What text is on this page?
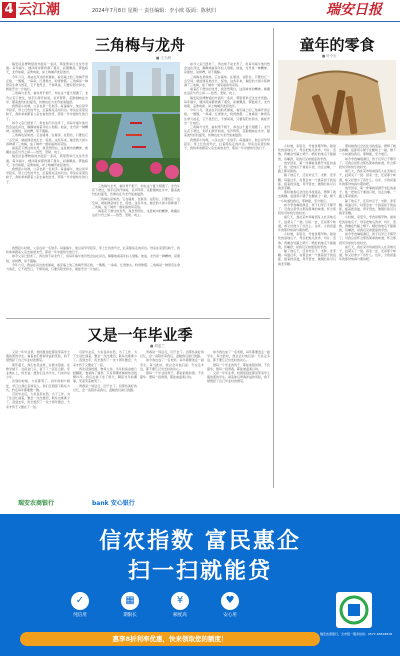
4 云江潮	2024年7月8日 星期一 责任编辑：李小欧 版面：陈秋归	瑞安日报
三角梅与龙舟
■ 王少洲

瑞安民俗博物馆的外面有一条河，那里曾举行过龙舟竞渡。每年端午，塘河两岸都挤满了观众，彩旗飘扬，锣鼓喧天，龙舟如箭，奋勇向前，岸上呐喊声此起彼伏。

今年六月，我站在河边的老屋前，看见墙上的三角梅开得正艳，一簇簇，一串串，红得像火，粉得像霞。三角梅是一种很有生命力的花，它不畏烈日，不惧风雨，只要有阳光和水，就能开出一片灿烂。

三角梅与龙舟，看似毫不相干，却在这个夏天相遇了。龙舟从花下驶过，划手们挥汗如雨，桨声阵阵，花影倒映在水中，随着波纹轻轻摇曳，仿佛也在为龙舟加油鼓劲。

我想起小时候，父亲也是一名划手。每逢端午，他总是早早起床，穿上红色的号衣，扛着船桨走向河边。母亲在家里包粽子，我和弟弟跟着父亲去看划龙舟，那是一年中最快乐的日子。

如今父亲已经老了，再也划不动龙舟了，但每年端午他仍然会站在河边，静静地看着年轻人划船。他说，龙舟是一种精神，是团结，是拼搏，是不服输。

三角梅也是如此。它在墙角、在屋顶、在阳台，只要给它一点空间，就能肆意地生长、绽放。这些年来，瑞安的大街小巷种满了三角梅，成了城市一道亮丽的风景线。

看着花下驶过的龙舟，我忽然明白，这座城市的精神，就藏在这花与舟之间——热烈、坚韧、向上。

瑞安民俗博物馆的外面有一条河，那里曾举行过龙舟竞渡。每年端午，塘河两岸都挤满了观众，彩旗飘扬，锣鼓喧天，龙舟如箭，奋勇向前，岸上呐喊声此起彼伏。

我想起小时候，父亲也是一名划手。每逢端午，他总是早早起床，穿上红色的号衣，扛着船桨走向河边。母亲在家里包粽子，我和弟弟跟着父亲去看划龙舟，那是一年中最快乐的日子。

三角梅与龙舟，看似毫不相干，却在这个夏天相遇了。龙舟从花下驶过，划手们挥汗如雨，桨声阵阵，花影倒映在水中，随着波纹轻轻摇曳，仿佛也在为龙舟加油鼓劲。

三角梅也是如此。它在墙角、在屋顶、在阳台，只要给它一点空间，就能肆意地生长、绽放。这些年来，瑞安的大街小巷种满了三角梅，成了城市一道亮丽的风景线。

看着花下驶过的龙舟，我忽然明白，这座城市的精神，就藏在这花与舟之间——热烈、坚韧、向上。

我想起小时候，父亲也是一名划手。每逢端午，他总是早早起床，穿上红色的号衣，扛着船桨走向河边。母亲在家里包粽子，我和弟弟跟着父亲去看划龙舟，那是一年中最快乐的日子。

如今父亲已经老了，再也划不动龙舟了，但每年端午他仍然会站在河边，静静地看着年轻人划船。他说，龙舟是一种精神，是团结，是拼搏，是不服输。

今年六月，我站在河边的老屋前，看见墙上的三角梅开得正艳，一簇簇，一串串，红得像火，粉得像霞。三角梅是一种很有生命力的花，它不畏烈日，不惧风雨，只要有阳光和水，就能开出一片灿烂。

如今父亲已经老了，再也划不动龙舟了，但每年端午他仍然会站在河边，静静地看着年轻人划船。他说，龙舟是一种精神，是团结，是拼搏，是不服输。

三角梅也是如此。它在墙角、在屋顶、在阳台，只要给它一点空间，就能肆意地生长、绽放。这些年来，瑞安的大街小巷种满了三角梅，成了城市一道亮丽的风景线。

看着花下驶过的龙舟，我忽然明白，这座城市的精神，就藏在这花与舟之间——热烈、坚韧、向上。

瑞安民俗博物馆的外面有一条河，那里曾举行过龙舟竞渡。每年端午，塘河两岸都挤满了观众，彩旗飘扬，锣鼓喧天，龙舟如箭，奋勇向前，岸上呐喊声此起彼伏。

今年六月，我站在河边的老屋前，看见墙上的三角梅开得正艳，一簇簇，一串串，红得像火，粉得像霞。三角梅是一种很有生命力的花，它不畏烈日，不惧风雨，只要有阳光和水，就能开出一片灿烂。

三角梅与龙舟，看似毫不相干，却在这个夏天相遇了。龙舟从花下驶过，划手们挥汗如雨，桨声阵阵，花影倒映在水中，随着波纹轻轻摇曳，仿佛也在为龙舟加油鼓劲。

我想起小时候，父亲也是一名划手。每逢端午，他总是早早起床，穿上红色的号衣，扛着船桨走向河边。母亲在家里包粽子，我和弟弟跟着父亲去看划龙舟，那是一年中最快乐的日子。

童年的零食
■ 叶小红

小时候，家里穷，零食是稀罕物。最常吃的是地瓜干，母亲把地瓜洗净、切片、蒸熟，再摊在竹匾上晒干。晒好的地瓜干甜甜的，有嚼劲，是我们兄妹最爱的零食。

放学回家，第一件事就是掀开米缸的盖子，抓一把地瓜干塞进口袋，边走边嚼，一路上都是甜的。

除了地瓜干，还有炒豆子、米胖、麦芽糖。每逢过年，村里会来一个挑着担子的货郎，摇着拨浪鼓，用牙膏皮、破铜烂铁可以换麦芽糖。

那时候我们会四处寻找废品，攒够了就去换糖。货郎用小锤子在糖块上一敲，掰下一小块递给我们，那种甜，至今难忘。

如今零食琳琅满目，孩子们早已不稀罕了。可我总是怀念那些简单的味道，怀念那段贫穷却快乐的时光。

前几天，我在菜市场看到有人在卖地瓜干，赶紧买了一袋。回家一尝，还是那个味道，却又好像少了些什么。也许，少的是童年的那份纯真与期待吧。

小时候，家里穷，零食是稀罕物。最常吃的是地瓜干，母亲把地瓜洗净、切片、蒸熟，再摊在竹匾上晒干。晒好的地瓜干甜甜的，有嚼劲，是我们兄妹最爱的零食。

除了地瓜干，还有炒豆子、米胖、麦芽糖。每逢过年，村里会来一个挑着担子的货郎，摇着拨浪鼓，用牙膏皮、破铜烂铁可以换麦芽糖。

那时候我们会四处寻找废品，攒够了就去换糖。货郎用小锤子在糖块上一敲，掰下一小块递给我们，那种甜，至今难忘。

如今零食琳琅满目，孩子们早已不稀罕了。可我总是怀念那些简单的味道，怀念那段贫穷却快乐的时光。

前几天，我在菜市场看到有人在卖地瓜干，赶紧买了一袋。回家一尝，还是那个味道，却又好像少了些什么。也许，少的是童年的那份纯真与期待吧。

放学回家，第一件事就是掀开米缸的盖子，抓一把地瓜干塞进口袋，边走边嚼，一路上都是甜的。

除了地瓜干，还有炒豆子、米胖、麦芽糖。每逢过年，村里会来一个挑着担子的货郎，摇着拨浪鼓，用牙膏皮、破铜烂铁可以换麦芽糖。

小时候，家里穷，零食是稀罕物。最常吃的是地瓜干，母亲把地瓜洗净、切片、蒸熟，再摊在竹匾上晒干。晒好的地瓜干甜甜的，有嚼劲，是我们兄妹最爱的零食。

如今零食琳琅满目，孩子们早已不稀罕了。可我总是怀念那些简单的味道，怀念那段贫穷却快乐的时光。

前几天，我在菜市场看到有人在卖地瓜干，赶紧买了一袋。回家一尝，还是那个味道，却又好像少了些什么。也许，少的是童年的那份纯真与期待吧。

又是一年毕业季
■ 胡蓝兰

又是一年毕业季，校园里到处都是穿着学士服拍照的学生。看着他们青春洋溢的笑脸，我不禁想起了自己毕业时的情景。

那年夏天，我们也是这样，在图书馆前、在教学楼下、在宿舍门口，留下了一张张合影。毕业典礼上，校长说：愿你们走出半生，归来仍是少年。

告别的时候，大家都哭了。四年的朝夕相处，早已让我们亲如家人。我们互相留下联系方式，约定每年都要聚一聚。

可是毕业后，大家各奔东西，为了工作、为了生活忙碌着，聚会一次次推迟，联系也渐渐少了。直到去年，班长组织了一次十周年聚会，大家才终于又聚在了一起。

可是毕业后，大家各奔东西，为了工作、为了生活忙碌着，聚会一次次推迟，联系也渐渐少了。直到去年，班长组织了一次十周年聚会，大家才终于又聚在了一起。

再次回到校园，物是人非。当年的宿舍楼已经翻新，食堂换了模样，只有那棵老樟树依旧枝繁叶茂。我们在树下坐了很久，聊起当年的趣事，笑着笑着就哭了。

青春是一场远行，回不去了。但那些美好的记忆，会一直陪伴着我们，温暖我们前行的路。

青春是一场远行，回不去了。但那些美好的记忆，会一直陪伴着我们，温暖我们前行的路。

如今我也成了一名老师，每年都要送走一届学生。每当此时，我总会对他们说：无论走多远，都不要忘记出发时的初心。

愿每一个毕业的孩子，都能前程似锦，不负韶华；愿每一段青春，都能被温柔以待。

如今我也成了一名老师，每年都要送走一届学生。每当此时，我总会对他们说：无论走多远，都不要忘记出发时的初心。

愿每一个毕业的孩子，都能前程似锦，不负韶华；愿每一段青春，都能被温柔以待。

又是一年毕业季，校园里到处都是穿着学士服拍照的学生。看着他们青春洋溢的笑脸，我不禁想起了自己毕业时的情景。

瑞安农商银行	bank 安心银行
信农指数 富民惠企
扫一扫就能贷
✓
纯信用
▦
期限长
¥
额度高
♥
安心用
瑞安农商银行，全市统一服务热线：0577-65818818
惠享8折利率优惠，快来领取您的额度！
